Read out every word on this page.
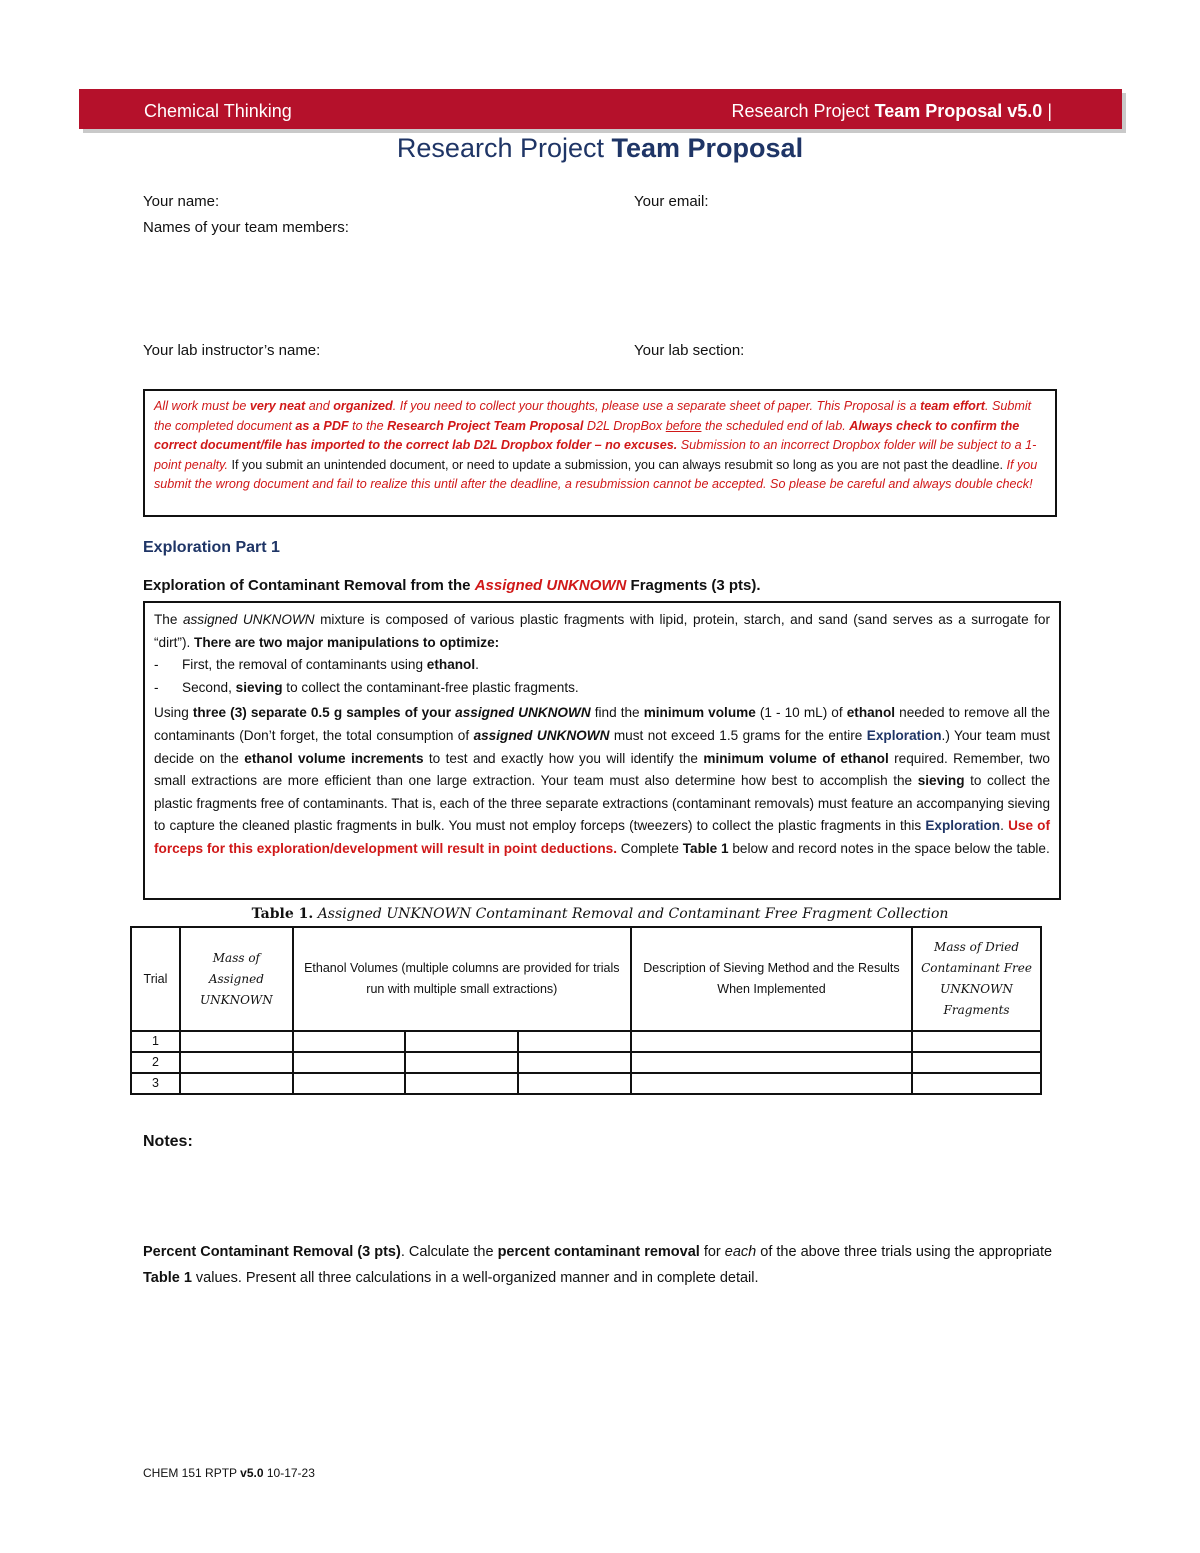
1
Chemical Thinking	Research Project Team Proposal v5.0 |
Research Project Team Proposal
Your name:	Your email:
Names of your team members:
Your lab instructor’s name:	Your lab section:
All work must be very neat and organized. If you need to collect your thoughts, please use a separate sheet of paper. This Proposal is a team effort. Submit the completed document as a PDF to the Research Project Team Proposal D2L DropBox before the scheduled end of lab. Always check to confirm the correct document/file has imported to the correct lab D2L Dropbox folder – no excuses. Submission to an incorrect Dropbox folder will be subject to a 1-point penalty. If you submit an unintended document, or need to update a submission, you can always resubmit so long as you are not past the deadline. If you submit the wrong document and fail to realize this until after the deadline, a resubmission cannot be accepted. So please be careful and always double check!
Exploration Part 1
Exploration of Contaminant Removal from the Assigned UNKNOWN Fragments (3 pts).
The assigned UNKNOWN mixture is composed of various plastic fragments with lipid, protein, starch, and sand (sand serves as a surrogate for “dirt”). There are two major manipulations to optimize:
- First, the removal of contaminants using ethanol.
- Second, sieving to collect the contaminant-free plastic fragments.
Using three (3) separate 0.5 g samples of your assigned UNKNOWN find the minimum volume (1 - 10 mL) of ethanol needed to remove all the contaminants (Don’t forget, the total consumption of assigned UNKNOWN must not exceed 1.5 grams for the entire Exploration.) Your team must decide on the ethanol volume increments to test and exactly how you will identify the minimum volume of ethanol required. Remember, two small extractions are more efficient than one large extraction. Your team must also determine how best to accomplish the sieving to collect the plastic fragments free of contaminants. That is, each of the three separate extractions (contaminant removals) must feature an accompanying sieving to capture the cleaned plastic fragments in bulk. You must not employ forceps (tweezers) to collect the plastic fragments in this Exploration. Use of forceps for this exploration/development will result in point deductions. Complete Table 1 below and record notes in the space below the table.
Table 1. Assigned UNKNOWN Contaminant Removal and Contaminant Free Fragment Collection
Trial	Mass of Assigned UNKNOWN	Ethanol Volumes (multiple columns are provided for trials run with multiple small extractions)			Description of Sieving Method and the Results When Implemented	Mass of Dried Contaminant Free UNKNOWN Fragments
1						
2						
3						
Notes:
Percent Contaminant Removal (3 pts). Calculate the percent contaminant removal for each of the above three trials using the appropriate Table 1 values. Present all three calculations in a well-organized manner and in complete detail.
CHEM 151 RPTP v5.0 10-17-23
